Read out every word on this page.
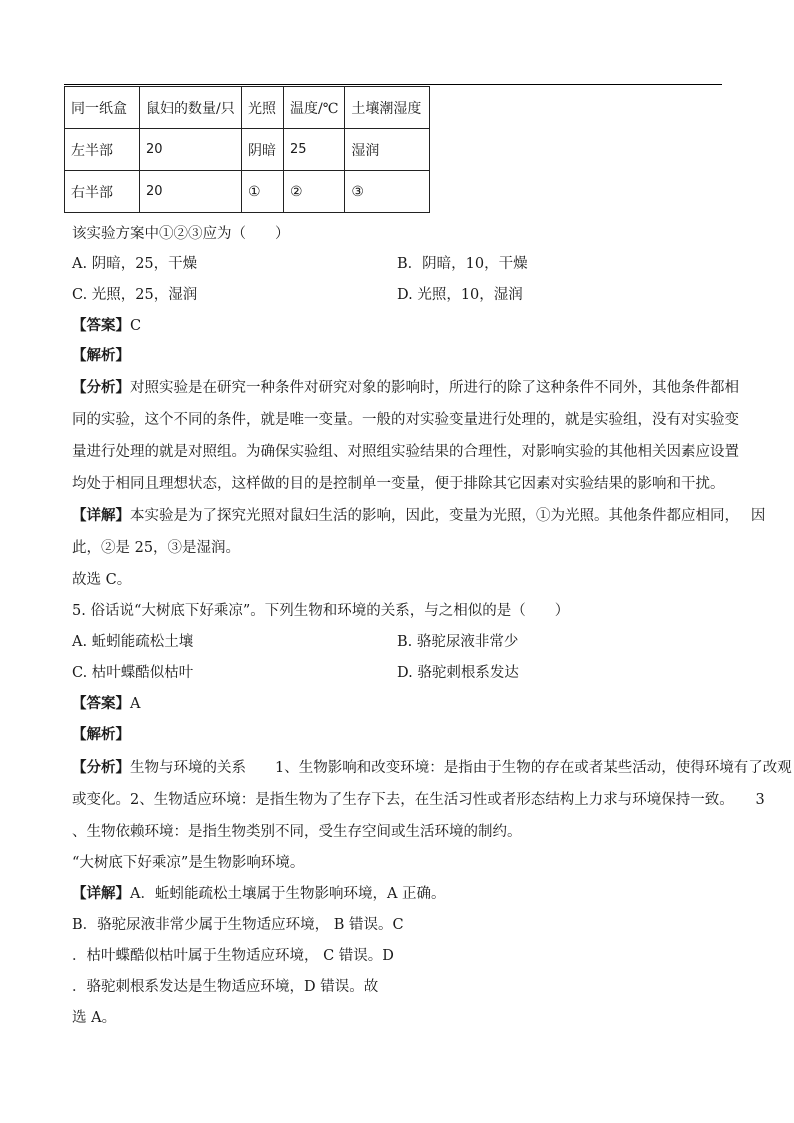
同一纸盒	鼠妇的数量/只	光照	温度/℃	土壤潮湿度
左半部	20	阴暗	25	湿润
右半部	20	①	②	③
该实验方案中①②③应为（　　）
A. 阴暗，25，干燥	B．阴暗，10，干燥
C. 光照，25，湿润	D. 光照，10，湿润
【答案】C
【解析】
【分析】对照实验是在研究一种条件对研究对象的影响时，所进行的除了这种条件不同外，其他条件都相
同的实验，这个不同的条件，就是唯一变量。一般的对实验变量进行处理的，就是实验组，没有对实验变
量进行处理的就是对照组。为确保实验组、对照组实验结果的合理性，对影响实验的其他相关因素应设置
均处于相同且理想状态，这样做的目的是控制单一变量，便于排除其它因素对实验结果的影响和干扰。
【详解】本实验是为了探究光照对鼠妇生活的影响，因此，变量为光照，①为光照。其他条件都应相同，　 因
此，②是 25，③是湿润。
故选 C。
5. 俗话说“大树底下好乘凉”。下列生物和环境的关系，与之相似的是（　　）
A. 蚯蚓能疏松土壤	B. 骆驼尿液非常少
C. 枯叶蝶酷似枯叶	D. 骆驼刺根系发达
【答案】A
【解析】
【分析】生物与环境的关系　　1、生物影响和改变环境：是指由于生物的存在或者某些活动，使得环境有了改观
或变化。2、生物适应环境：是指生物为了生存下去，在生活习性或者形态结构上力求与环境保持一致。　　3
、生物依赖环境：是指生物类别不同，受生存空间或生活环境的制约。
“大树底下好乘凉”是生物影响环境。
【详解】A．蚯蚓能疏松土壤属于生物影响环境，A 正确。
B．骆驼尿液非常少属于生物适应环境， B 错误。C
．枯叶蝶酷似枯叶属于生物适应环境， C 错误。D
．骆驼刺根系发达是生物适应环境，D 错误。故
选 A。
